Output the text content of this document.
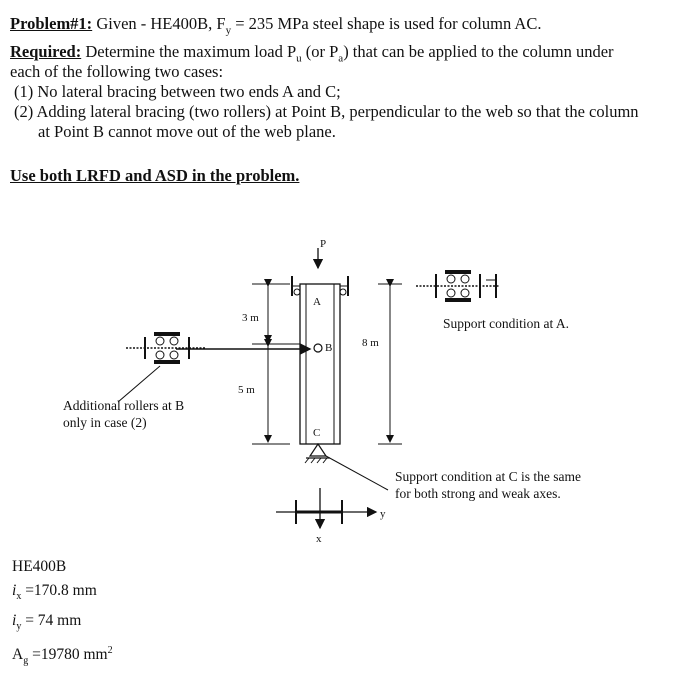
Problem#1: Given - HE400B, $F_y = 235$ MPa steel shape is used for column AC.
Required: Determine the maximum load $P_u$ (or $P_a$) that can be applied to the column under
each of the following two cases:
(1) No lateral bracing between two ends A and C;
(2) Adding lateral bracing (two rollers) at Point B, perpendicular to the web so that the column
at Point B cannot move out of the web plane.
Use both LRFD and ASD in the problem.
P
A
B
C
3 m
5 m
8 m
Support condition at A.
Additional rollers at B
only in case (2)
Support condition at C is the same
for both strong and weak axes.
y
x
HE400B
$i_x =170.8$ mm
$i_y = 74$ mm
$A_g =19780$ $mm^2$
